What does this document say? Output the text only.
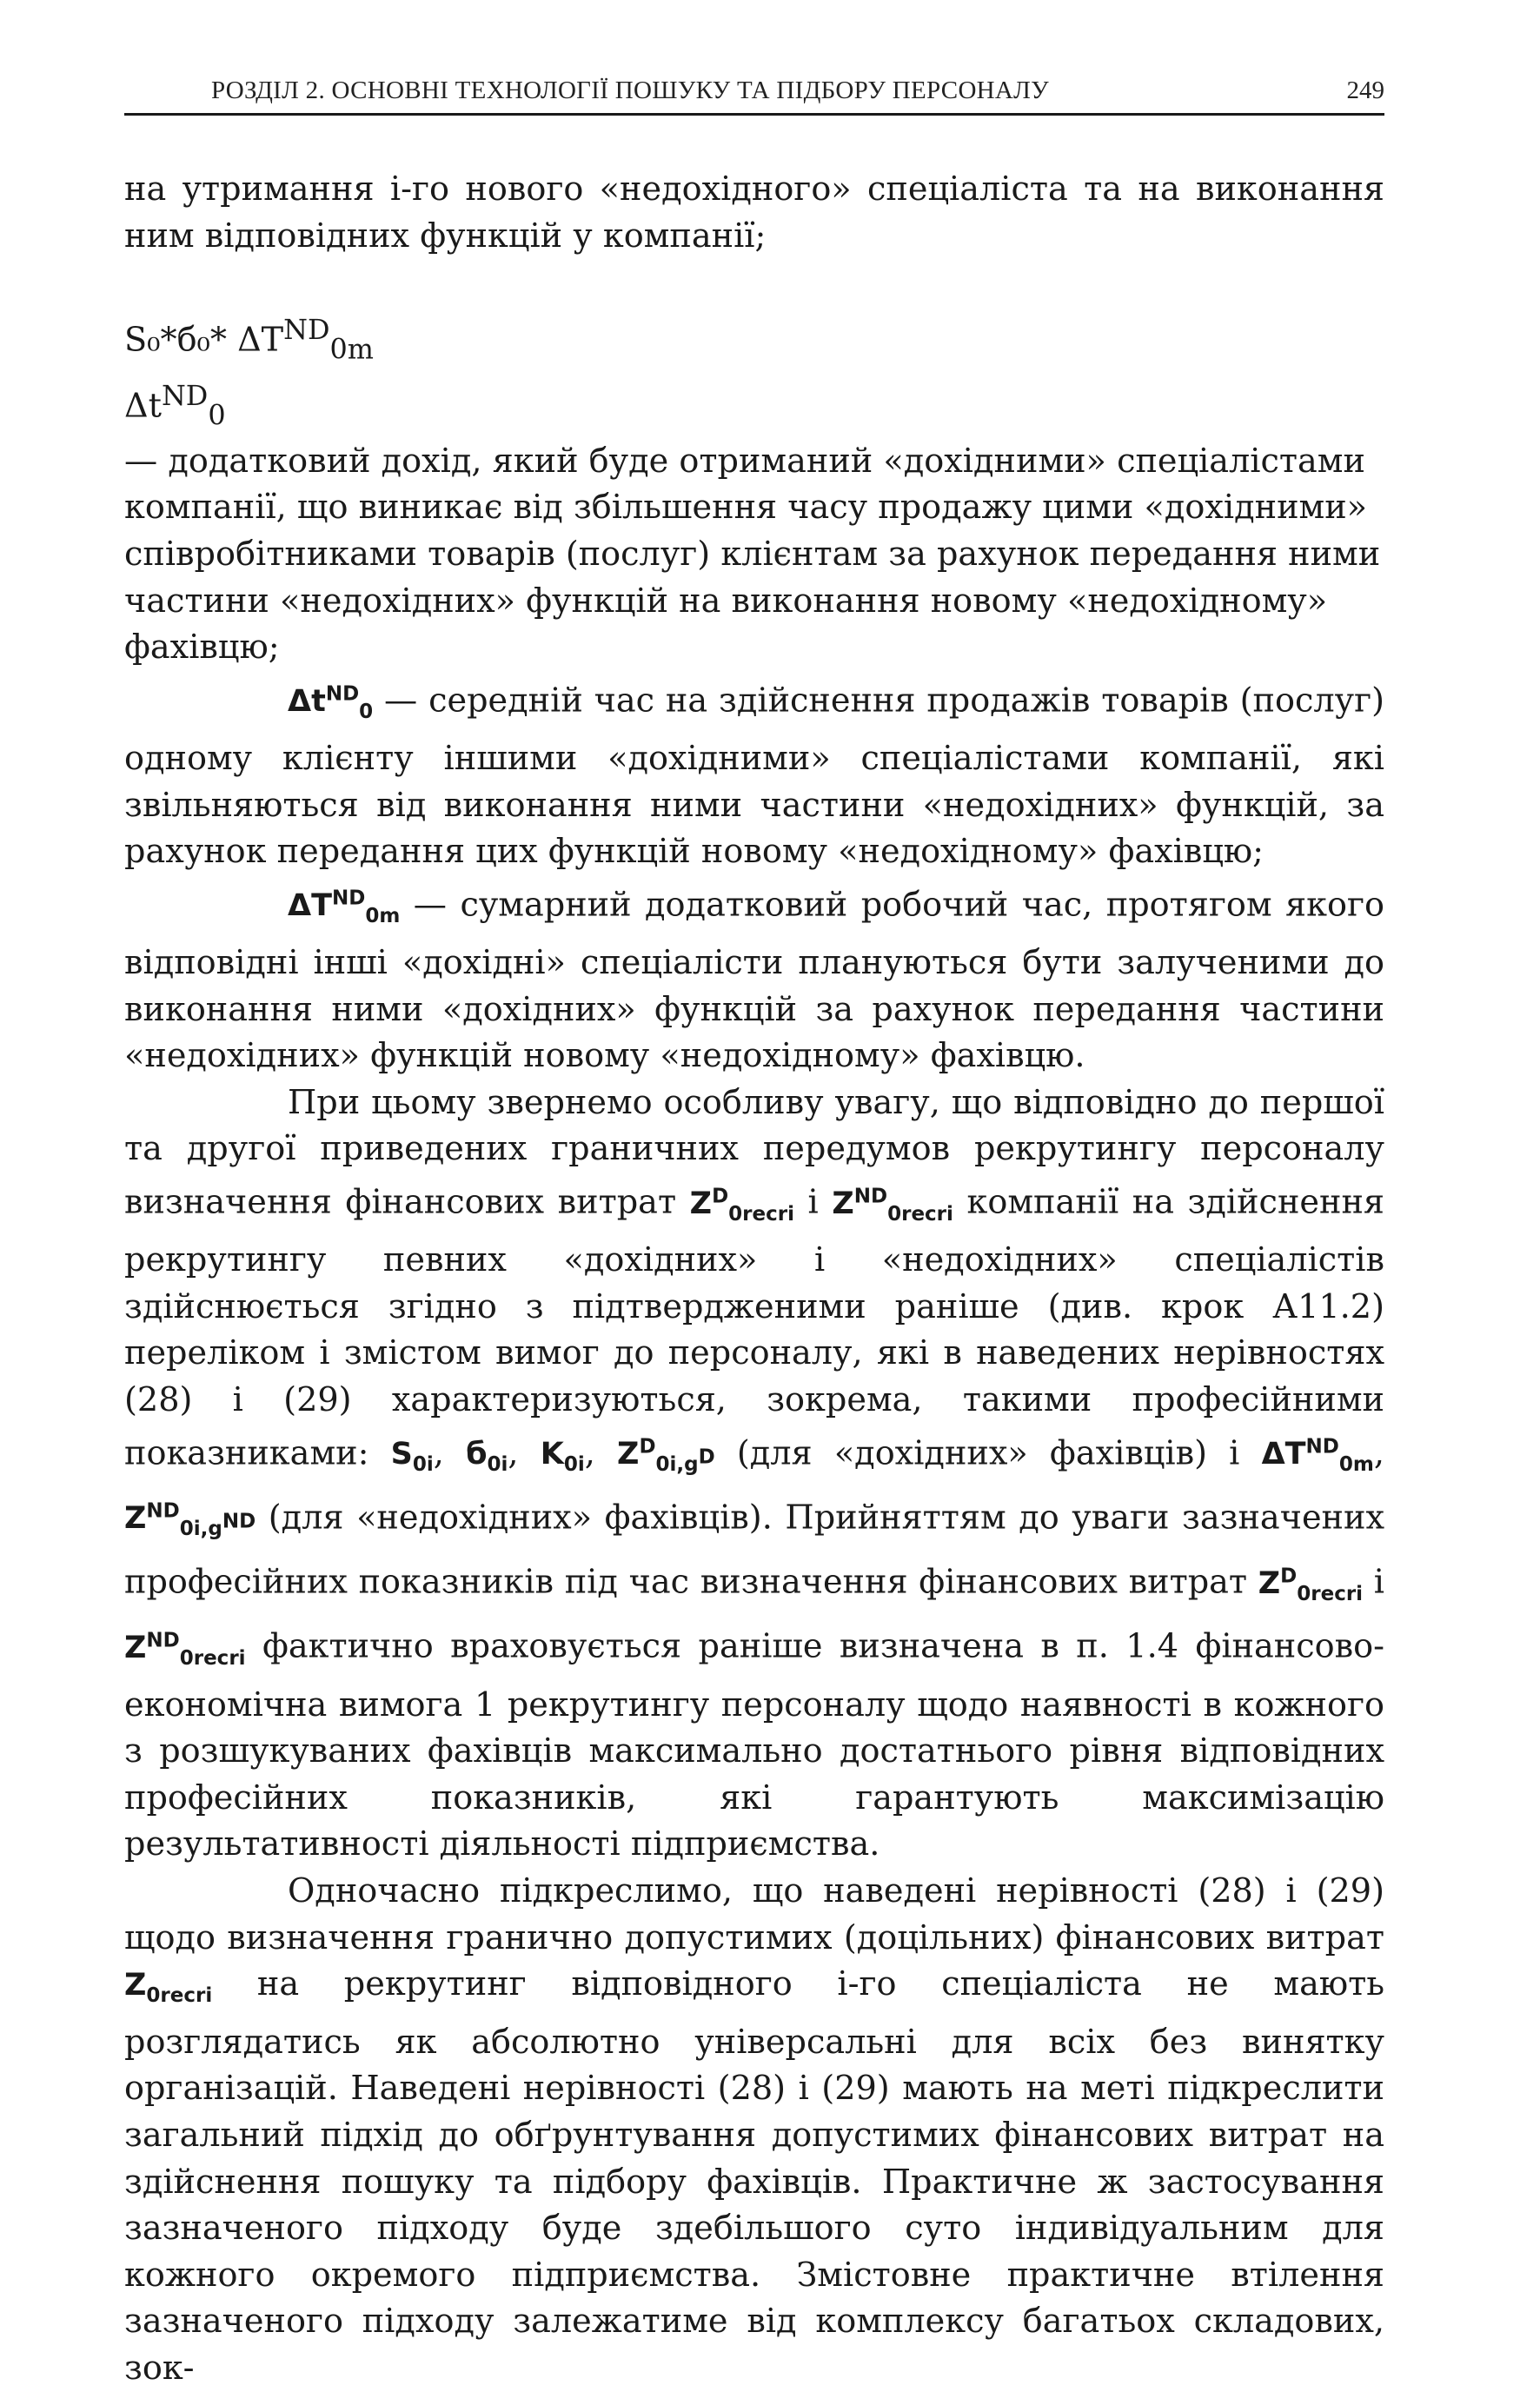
РОЗДІЛ 2. ОСНОВНІ ТЕХНОЛОГІЇ ПОШУКУ ТА ПІДБОРУ ПЕРСОНАЛУ	249

на утримання і-го нового «недохідного» спеціаліста та на виконання ним відповідних функцій у компанії;

S₀*б₀* $\Delta T^{ND}_{0m}$
$\Delta t^{ND}_0$
— додатковий дохід, який буде отриманий «дохідними» спеціалістами компанії, що виникає від збільшення часу продажу цими «дохідними» співробітниками товарів (послуг) клієнтам за рахунок передання ними частини «недохідних» функцій на виконання новому «недохідному» фахівцю;

$\Delta t^{ND}_0$ — середній час на здійснення продажів товарів (послуг) одному клієнту іншими «дохідними» спеціалістами компанії, які звільняються від виконання ними частини «недохідних» функцій, за рахунок передання цих функцій новому «недохідному» фахівцю;

$\Delta T^{ND}_{0m}$ — сумарний додатковий робочий час, протягом якого відповідні інші «дохідні» спеціалісти плануються бути залученими до виконання ними «дохідних» функцій за рахунок передання частини «недохідних» функцій новому «недохідному» фахівцю.

При цьому звернемо особливу увагу, що відповідно до першої та другої приведених граничних передумов рекрутингу персоналу визначення фінансових витрат $Z^D_{0recri}$ і $Z^{ND}_{0recri}$ компанії на здійснення рекрутингу певних «дохідних» і «недохідних» спеціалістів здійснюється згідно з підтвердженими раніше (див. крок А11.2) переліком і змістом вимог до персоналу, які в наведених нерівностях (28) і (29) характеризуються, зокрема, такими професійними показниками: $S_{0i}$, $б_{0i}$, $K_{0i}$, $Z^D_{0i,g^D}$ (для «дохідних» фахівців) і $\Delta T^{ND}_{0m}$, $Z^{ND}_{0i,g^{ND}}$ (для «недохідних» фахівців). Прийняттям до уваги зазначених професійних показників під час визначення фінансових витрат $Z^D_{0recri}$ і $Z^{ND}_{0recri}$ фактично враховується раніше визначена в п. 1.4 фінансово-економічна вимога 1 рекрутингу персоналу щодо наявності в кожного з розшукуваних фахівців максимально достатнього рівня відповідних професійних показників, які гарантують максимізацію результативності діяльності підприємства.

Одночасно підкреслимо, що наведені нерівності (28) і (29) щодо визначення гранично допустимих (доцільних) фінансових витрат $Z_{0recri}$ на рекрутинг відповідного і-го спеціаліста не мають розглядатись як абсолютно універсальні для всіх без винятку організацій. Наведені нерівності (28) і (29) мають на меті підкреслити загальний підхід до обґрунтування допустимих фінансових витрат на здійснення пошуку та підбору фахівців. Практичне ж застосування зазначеного підходу буде здебільшого суто індивідуальним для кожного окремого підприємства. Змістовне практичне втілення зазначеного підходу залежатиме від комплексу багатьох складових, зок-
